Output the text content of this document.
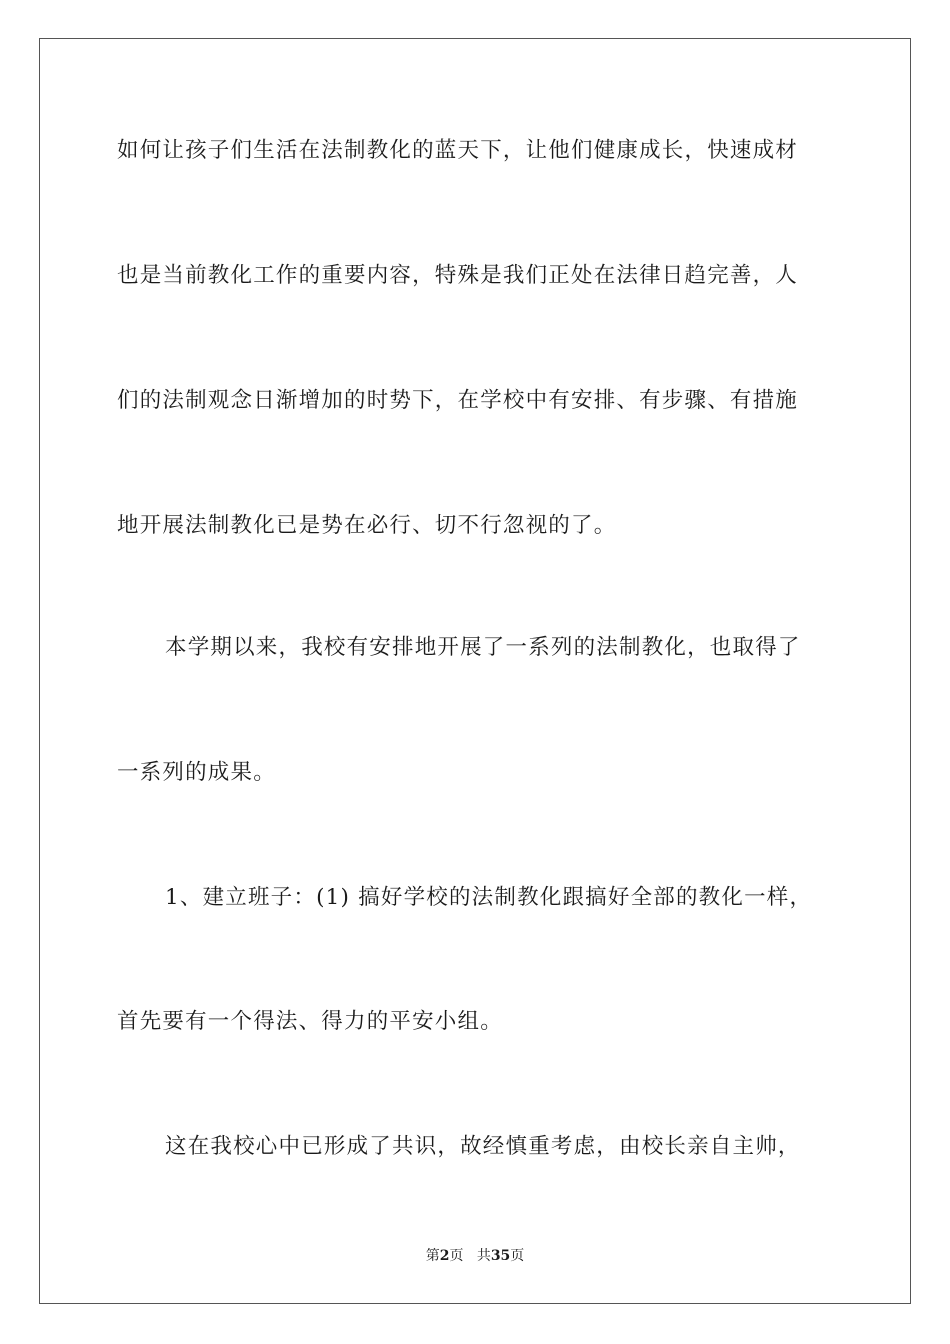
如何让孩子们生活在法制教化的蓝天下，让他们健康成长，快速成材
也是当前教化工作的重要内容，特殊是我们正处在法律日趋完善，人
们的法制观念日渐增加的时势下，在学校中有安排、有步骤、有措施
地开展法制教化已是势在必行、切不行忽视的了。
本学期以来，我校有安排地开展了一系列的法制教化，也取得了
一系列的成果。
1、建立班子：(1) 搞好学校的法制教化跟搞好全部的教化一样，
首先要有一个得法、得力的平安小组。
这在我校心中已形成了共识，故经慎重考虑，由校长亲自主帅，
第2页 共35页
